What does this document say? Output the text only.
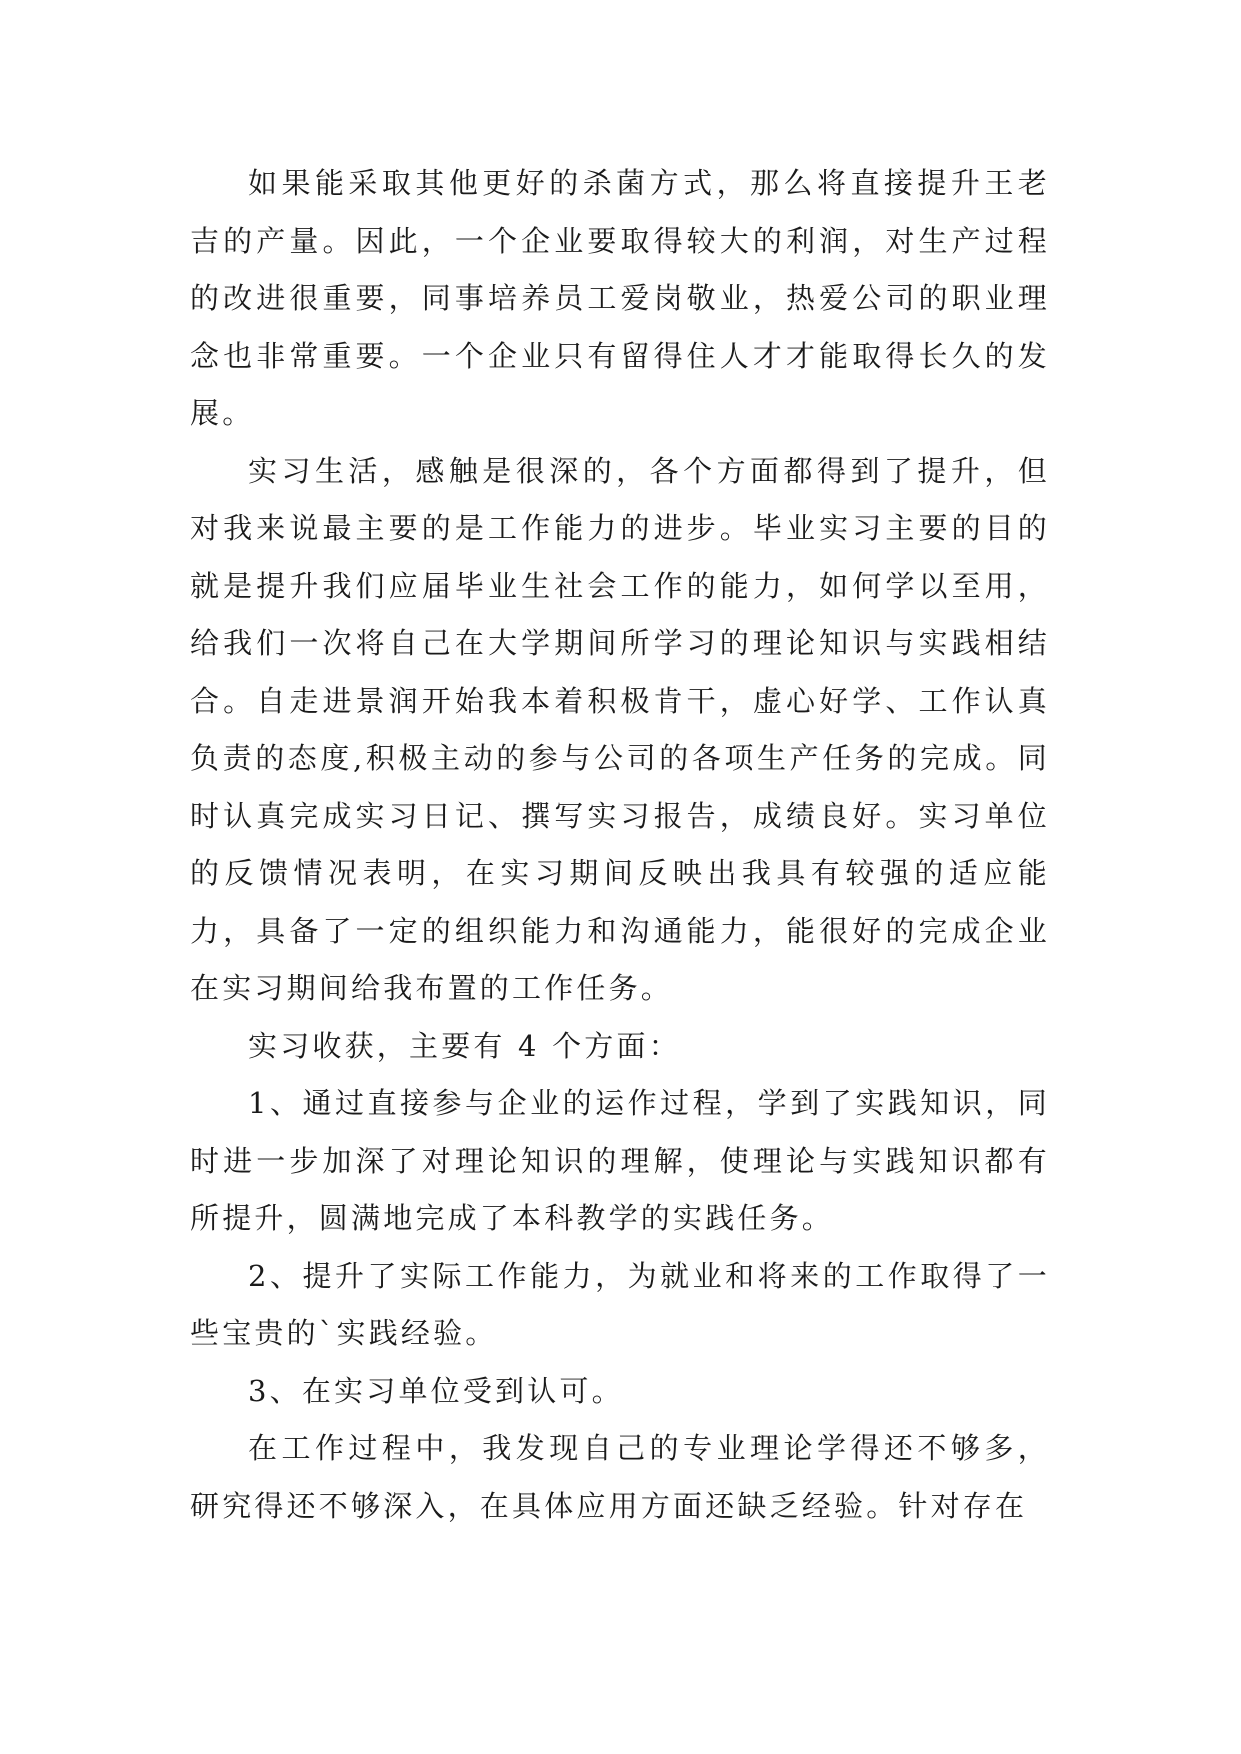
如果能采取其他更好的杀菌方式，那么将直接提升王老吉的产量。因此，一个企业要取得较大的利润，对生产过程的改进很重要，同事培养员工爱岗敬业，热爱公司的职业理念也非常重要。一个企业只有留得住人才才能取得长久的发展。

实习生活，感触是很深的，各个方面都得到了提升，但对我来说最主要的是工作能力的进步。毕业实习主要的目的就是提升我们应届毕业生社会工作的能力，如何学以至用，给我们一次将自己在大学期间所学习的理论知识与实践相结合。自走进景润开始我本着积极肯干，虚心好学、工作认真负责的态度,积极主动的参与公司的各项生产任务的完成。同时认真完成实习日记、撰写实习报告，成绩良好。实习单位的反馈情况表明，在实习期间反映出我具有较强的适应能力，具备了一定的组织能力和沟通能力，能很好的完成企业在实习期间给我布置的工作任务。

实习收获，主要有 4 个方面：

1、通过直接参与企业的运作过程，学到了实践知识，同时进一步加深了对理论知识的理解，使理论与实践知识都有所提升，圆满地完成了本科教学的实践任务。

2、提升了实际工作能力，为就业和将来的工作取得了一些宝贵的`实践经验。

3、在实习单位受到认可。

在工作过程中，我发现自己的专业理论学得还不够多，研究得还不够深入，在具体应用方面还缺乏经验。针对存在
